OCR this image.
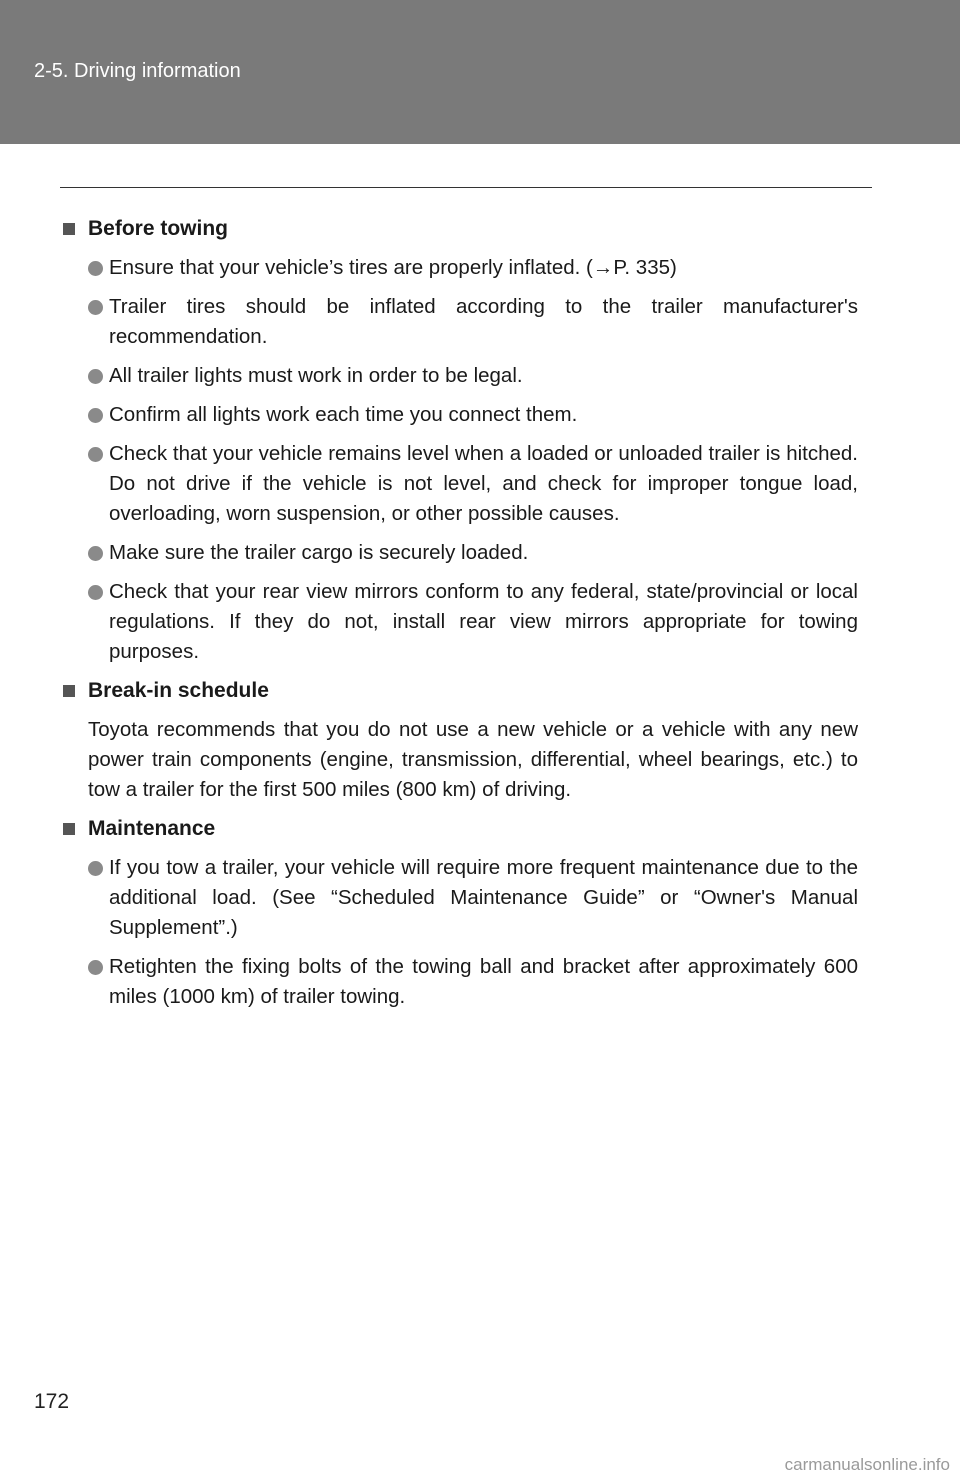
2-5. Driving information
Before towing
Ensure that your vehicle’s tires are properly inflated. (→P. 335)
Trailer tires should be inflated according to the trailer manufacturer's recommendation.
All trailer lights must work in order to be legal.
Confirm all lights work each time you connect them.
Check that your vehicle remains level when a loaded or unloaded trailer is hitched. Do not drive if the vehicle is not level, and check for improper tongue load, overloading, worn suspension, or other possible causes.
Make sure the trailer cargo is securely loaded.
Check that your rear view mirrors conform to any federal, state/provincial or local regulations. If they do not, install rear view mirrors appropriate for towing purposes.
Break-in schedule
Toyota recommends that you do not use a new vehicle or a vehicle with any new power train components (engine, transmission, differential, wheel bearings, etc.) to tow a trailer for the first 500 miles (800 km) of driving.
Maintenance
If you tow a trailer, your vehicle will require more frequent maintenance due to the additional load. (See “Scheduled Maintenance Guide” or “Owner's Manual Supplement”.)
Retighten the fixing bolts of the towing ball and bracket after approximately 600 miles (1000 km) of trailer towing.
172
carmanualsonline.info
